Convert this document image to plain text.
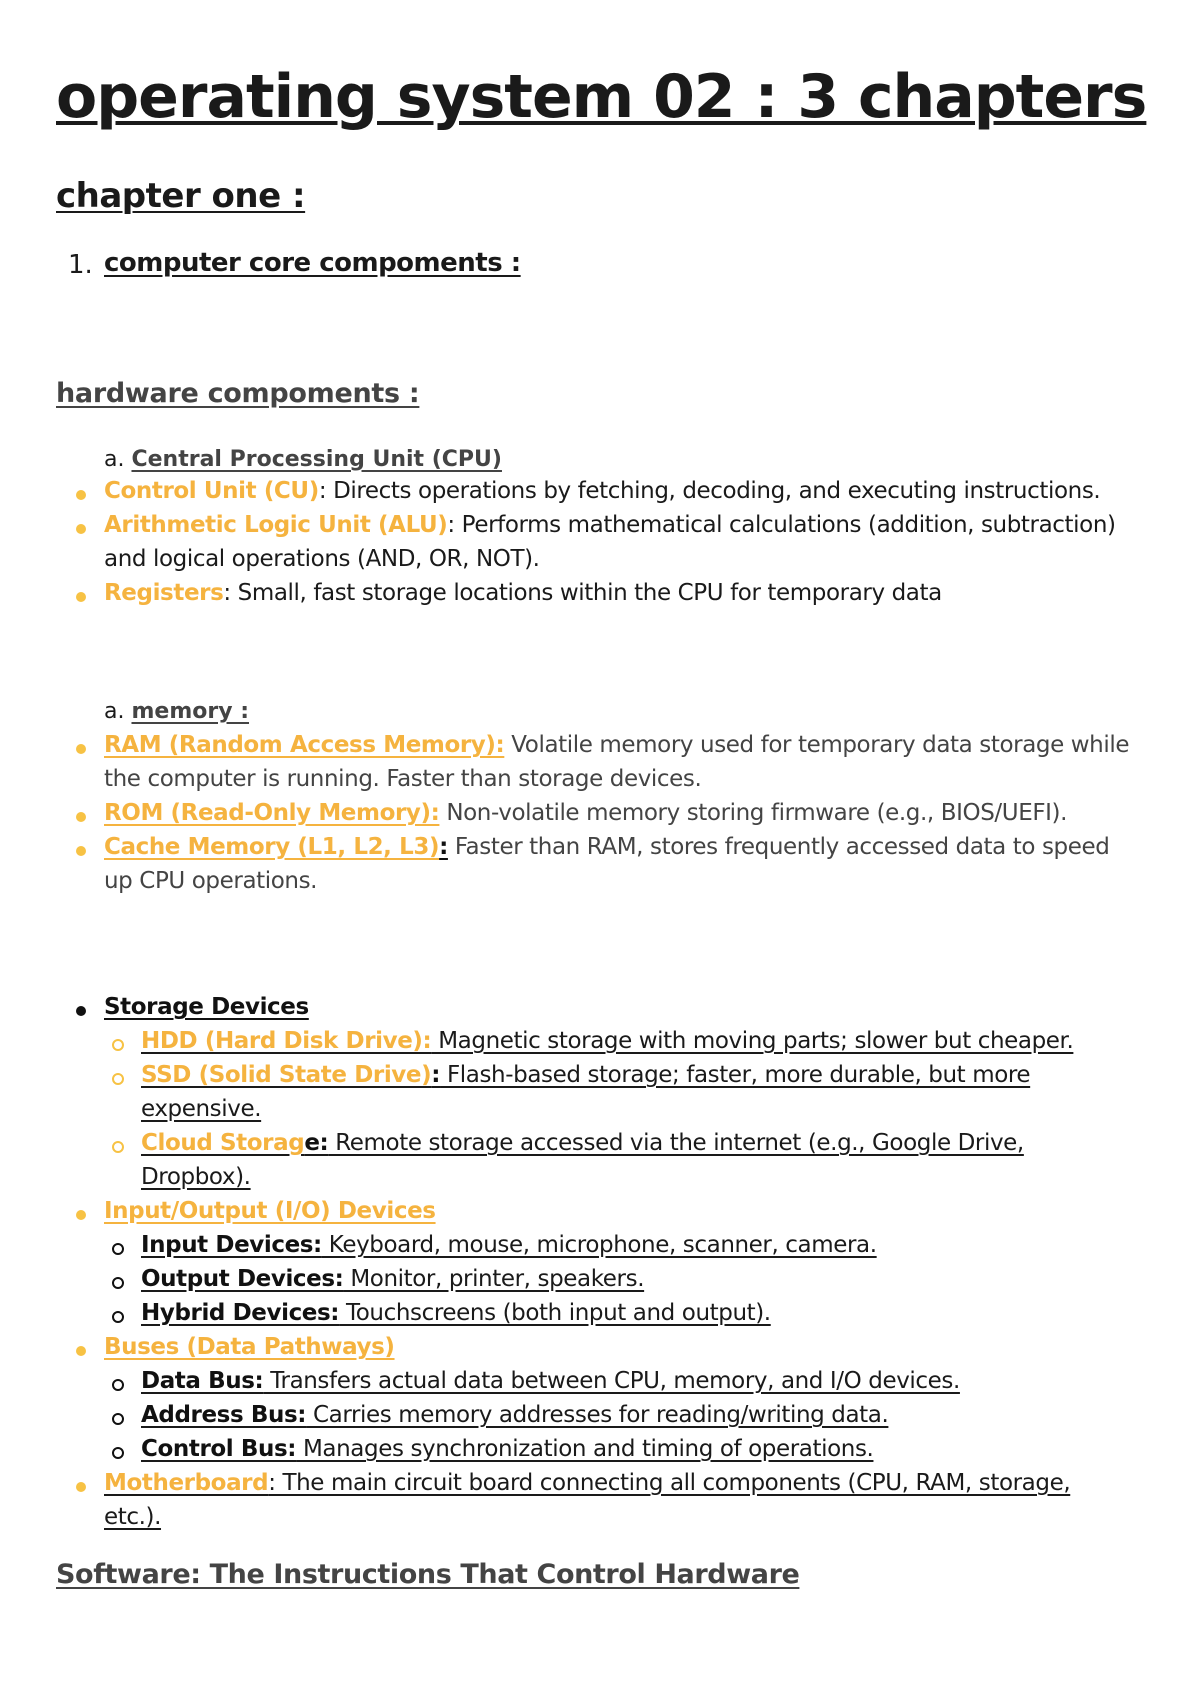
operating system 02 : 3 chapters
chapter one :
1. computer core compoments :
hardware compoments :
a. Central Processing Unit (CPU)
Control Unit (CU): Directs operations by fetching, decoding, and executing instructions.
Arithmetic Logic Unit (ALU): Performs mathematical calculations (addition, subtraction)
and logical operations (AND, OR, NOT).
Registers: Small, fast storage locations within the CPU for temporary data
a. memory :
RAM (Random Access Memory): Volatile memory used for temporary data storage while
the computer is running. Faster than storage devices.
ROM (Read-Only Memory): Non-volatile memory storing firmware (e.g., BIOS/UEFI).
Cache Memory (L1, L2, L3): Faster than RAM, stores frequently accessed data to speed
up CPU operations.
Storage Devices
HDD (Hard Disk Drive): Magnetic storage with moving parts; slower but cheaper.
SSD (Solid State Drive): Flash-based storage; faster, more durable, but more
expensive.
Cloud Storage: Remote storage accessed via the internet (e.g., Google Drive,
Dropbox).
Input/Output (I/O) Devices
Input Devices: Keyboard, mouse, microphone, scanner, camera.
Output Devices: Monitor, printer, speakers.
Hybrid Devices: Touchscreens (both input and output).
Buses (Data Pathways)
Data Bus: Transfers actual data between CPU, memory, and I/O devices.
Address Bus: Carries memory addresses for reading/writing data.
Control Bus: Manages synchronization and timing of operations.
Motherboard: The main circuit board connecting all components (CPU, RAM, storage,
etc.).
Software: The Instructions That Control Hardware
